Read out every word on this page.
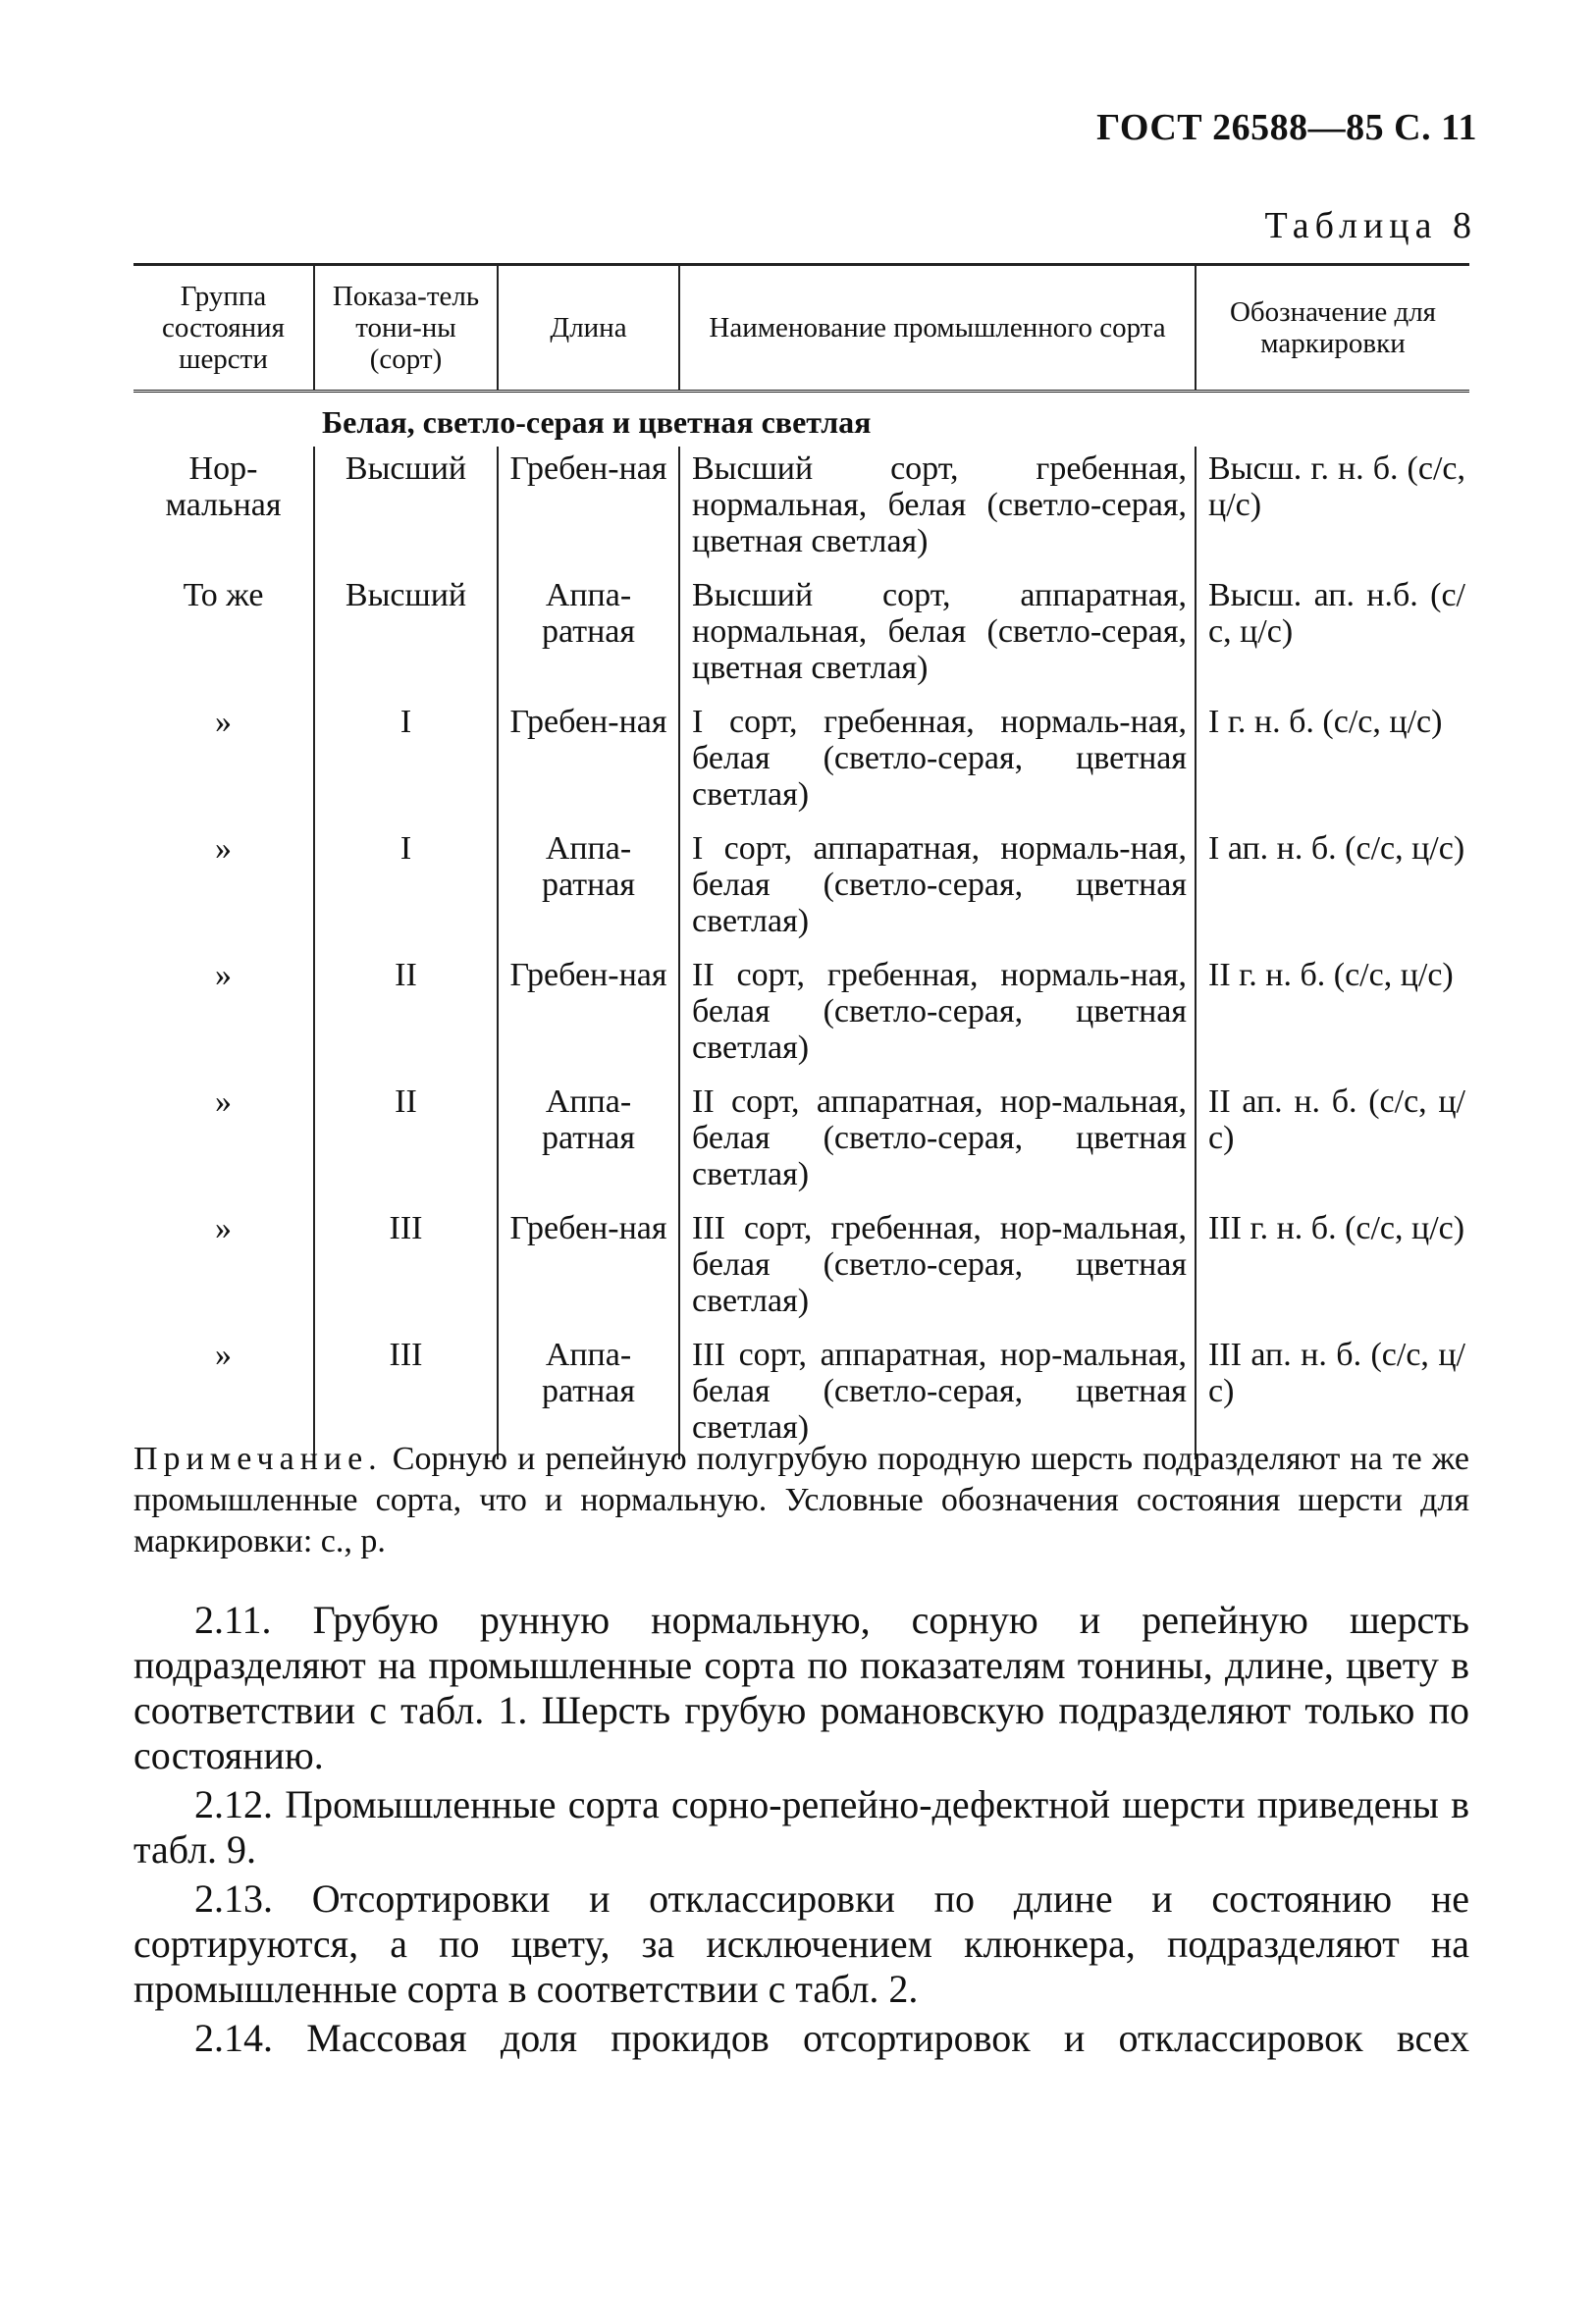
ГОСТ 26588—85 С. 11
Таблица 8
Группа состояния шерсти	Показа-тель тони-ны (сорт)	Длина	Наименование промышленного сорта	Обозначение для маркировки
	Белая, светло-серая и цветная светлая			
Нор-мальная	Высший	Гребен-ная	Высший сорт, гребенная, нормальная, белая (светло-серая, цветная светлая)	Высш. г. н. б. (с/с, ц/с)
То же	Высший	Аппа-ратная	Высший сорт, аппаратная, нормальная, белая (светло-серая, цветная светлая)	Высш. ап. н.б. (с/с, ц/с)
»	I	Гребен-ная	I сорт, гребенная, нормаль-ная, белая (светло-серая, цветная светлая)	I г. н. б. (с/с, ц/с)
»	I	Аппа-ратная	I сорт, аппаратная, нормаль-ная, белая (светло-серая, цветная светлая)	I ап. н. б. (с/с, ц/с)
»	II	Гребен-ная	II сорт, гребенная, нормаль-ная, белая (светло-серая, цветная светлая)	II г. н. б. (с/с, ц/с)
»	II	Аппа-ратная	II сорт, аппаратная, нор-мальная, белая (светло-серая, цветная светлая)	II ап. н. б. (с/с, ц/с)
»	III	Гребен-ная	III сорт, гребенная, нор-мальная, белая (светло-серая, цветная светлая)	III г. н. б. (с/с, ц/с)
»	III	Аппа-ратная	III сорт, аппаратная, нор-мальная, белая (светло-серая, цветная светлая)	III ап. н. б. (с/с, ц/с)
Примечание. Сорную и репейную полугрубую породную шерсть подразделяют на те же промышленные сорта, что и нормальную. Условные обозначения состояния шерсти для маркировки: с., р.

2.11. Грубую рунную нормальную, сорную и репейную шерсть подразделяют на промышленные сорта по показателям тонины, длине, цвету в соответствии с табл. 1. Шерсть грубую романовскую подразделяют только по состоянию.

2.12. Промышленные сорта сорно-репейно-дефектной шерсти приведены в табл. 9.

2.13. Отсортировки и отклассировки по длине и состоянию не сортируются, а по цвету, за исключением клюнкера, подразделяют на промышленные сорта в соответствии с табл. 2.

2.14. Массовая доля прокидов отсортировок и отклассировок всех
